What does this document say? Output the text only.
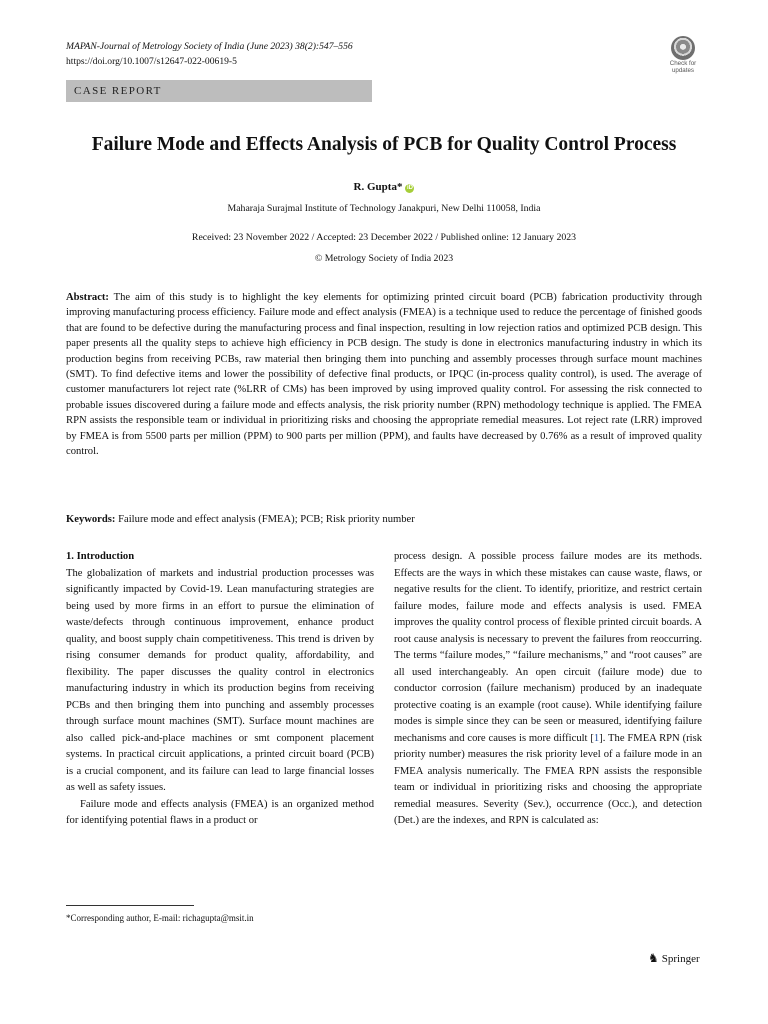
MAPAN-Journal of Metrology Society of India (June 2023) 38(2):547–556
https://doi.org/10.1007/s12647-022-00619-5	Check for updates
CASE REPORT
Failure Mode and Effects Analysis of PCB for Quality Control Process
R. Gupta* iD
Maharaja Surajmal Institute of Technology Janakpuri, New Delhi 110058, India
Received: 23 November 2022 / Accepted: 23 December 2022 / Published online: 12 January 2023
© Metrology Society of India 2023
Abstract: The aim of this study is to highlight the key elements for optimizing printed circuit board (PCB) fabrication productivity through improving manufacturing process efficiency. Failure mode and effect analysis (FMEA) is a technique used to reduce the percentage of finished goods that are found to be defective during the manufacturing process and final inspection, resulting in low rejection ratios and optimized PCB design. This paper presents all the quality steps to achieve high efficiency in PCB design. The study is done in electronics manufacturing industry in which its production begins from receiving PCBs, raw material then bringing them into punching and assembly processes through surface mount machines (SMT). To find defective items and lower the possibility of defective final products, or IPQC (in-process quality control), is used. The average of customer manufacturers lot reject rate (%LRR of CMs) has been improved by using improved quality control. For assessing the risk connected to probable issues discovered during a failure mode and effects analysis, the risk priority number (RPN) methodology technique is applied. The FMEA RPN assists the responsible team or individual in prioritizing risks and choosing the appropriate remedial measures. Lot reject rate (LRR) improved by FMEA is from 5500 parts per million (PPM) to 900 parts per million (PPM), and faults have decreased by 0.76% as a result of improved quality control.
Keywords: Failure mode and effect analysis (FMEA); PCB; Risk priority number

1. Introduction

The globalization of markets and industrial production processes was significantly impacted by Covid-19. Lean manufacturing strategies are being used by more firms in an effort to pursue the elimination of waste/defects through continuous improvement, enhance product quality, and boost supply chain competitiveness. This trend is driven by rising consumer demands for product quality, affordability, and flexibility. The paper discusses the quality control in electronics manufacturing industry in which its production begins from receiving PCBs and then bringing them into punching and assembly processes through surface mount machines (SMT). Surface mount machines are also called pick-and-place machines or smt component placement systems. In practical circuit applications, a printed circuit board (PCB) is a crucial component, and its failure can lead to large financial losses as well as safety issues.

Failure mode and effects analysis (FMEA) is an organized method for identifying potential flaws in a product or

process design. A possible process failure modes are its methods. Effects are the ways in which these mistakes can cause waste, flaws, or negative results for the client. To identify, prioritize, and restrict certain failure modes, failure mode and effects analysis is used. FMEA improves the quality control process of flexible printed circuit boards. A root cause analysis is necessary to prevent the failures from reoccurring. The terms “failure modes,” “failure mechanisms,” and “root causes” are all used interchangeably. An open circuit (failure mode) due to conductor corrosion (failure mechanism) produced by an inadequate protective coating is an example (root cause). While identifying failure modes is simple since they can be seen or measured, identifying failure mechanisms and core causes is more difficult [1]. The FMEA RPN (risk priority number) measures the risk priority level of a failure mode in an FMEA analysis numerically. The FMEA RPN assists the responsible team or individual in prioritizing risks and choosing the appropriate remedial measures. Severity (Sev.), occurrence (Occ.), and detection (Det.) are the indexes, and RPN is calculated as:

*Corresponding author, E-mail: richagupta@msit.in
♞ Springer
